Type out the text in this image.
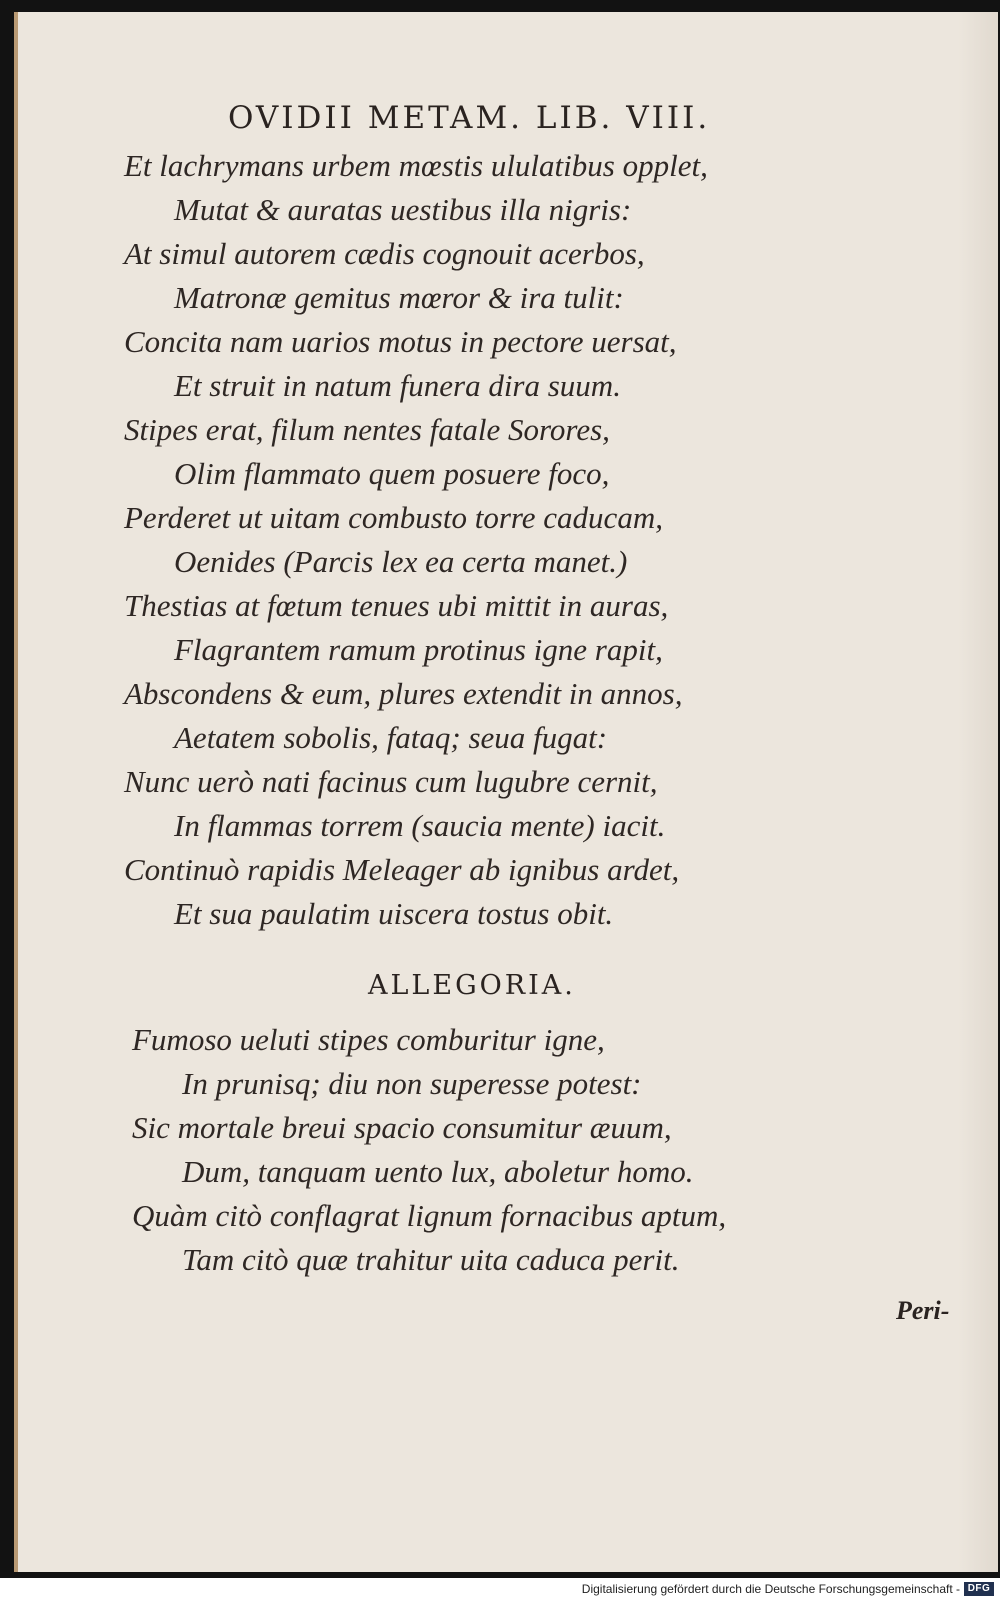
OVIDII METAM. LIB. VIII.
Et lachrymans urbem mœstis ululatibus opplet,
Mutat & auratas uestibus illa nigris:
At simul autorem cædis cognouit acerbos,
Matronæ gemitus mœror & ira tulit:
Concita nam uarios motus in pectore uersat,
Et struit in natum funera dira suum.
Stipes erat, filum nentes fatale Sorores,
Olim flammato quem posuere foco,
Perderet ut uitam combusto torre caducam,
Oenides (Parcis lex ea certa manet.)
Thestias at fœtum tenues ubi mittit in auras,
Flagrantem ramum protinus igne rapit,
Abscondens & eum, plures extendit in annos,
Aetatem sobolis, fataq; seua fugat:
Nunc uerò nati facinus cum lugubre cernit,
In flammas torrem (saucia mente) iacit.
Continuò rapidis Meleager ab ignibus ardet,
Et sua paulatim uiscera tostus obit.
ALLEGORIA.
Fumoso ueluti stipes comburitur igne,
In prunisq; diu non superesse potest:
Sic mortale breui spacio consumitur æuum,
Dum, tanquam uento lux, aboletur homo.
Quàm citò conflagrat lignum fornacibus aptum,
Tam citò quæ trahitur uita caduca perit.
Peri-
Digitalisierung gefördert durch die Deutsche Forschungsgemeinschaft - DFG
